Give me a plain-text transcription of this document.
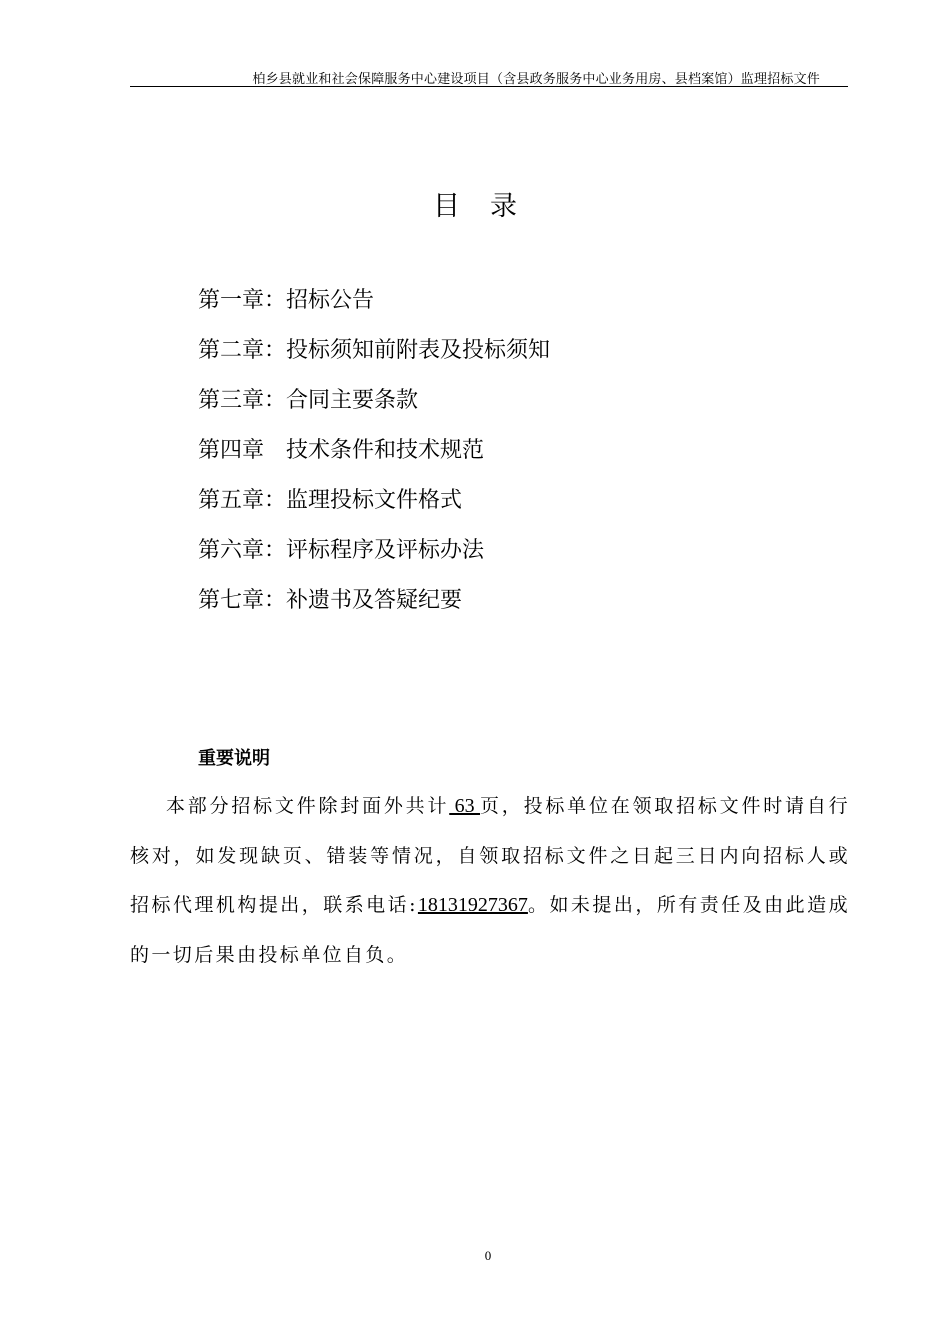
柏乡县就业和社会保障服务中心建设项目（含县政务服务中心业务用房、县档案馆）监理招标文件
目录
第一章：招标公告
第二章：投标须知前附表及投标须知
第三章：合同主要条款
第四章　技术条件和技术规范
第五章：监理投标文件格式
第六章：评标程序及评标办法
第七章：补遗书及答疑纪要
重要说明
本部分招标文件除封面外共计 63 页，投标单位在领取招标文件时请自行核对，如发现缺页、错装等情况，自领取招标文件之日起三日内向招标人或招标代理机构提出，联系电话:18131927367。如未提出，所有责任及由此造成的一切后果由投标单位自负。
0
